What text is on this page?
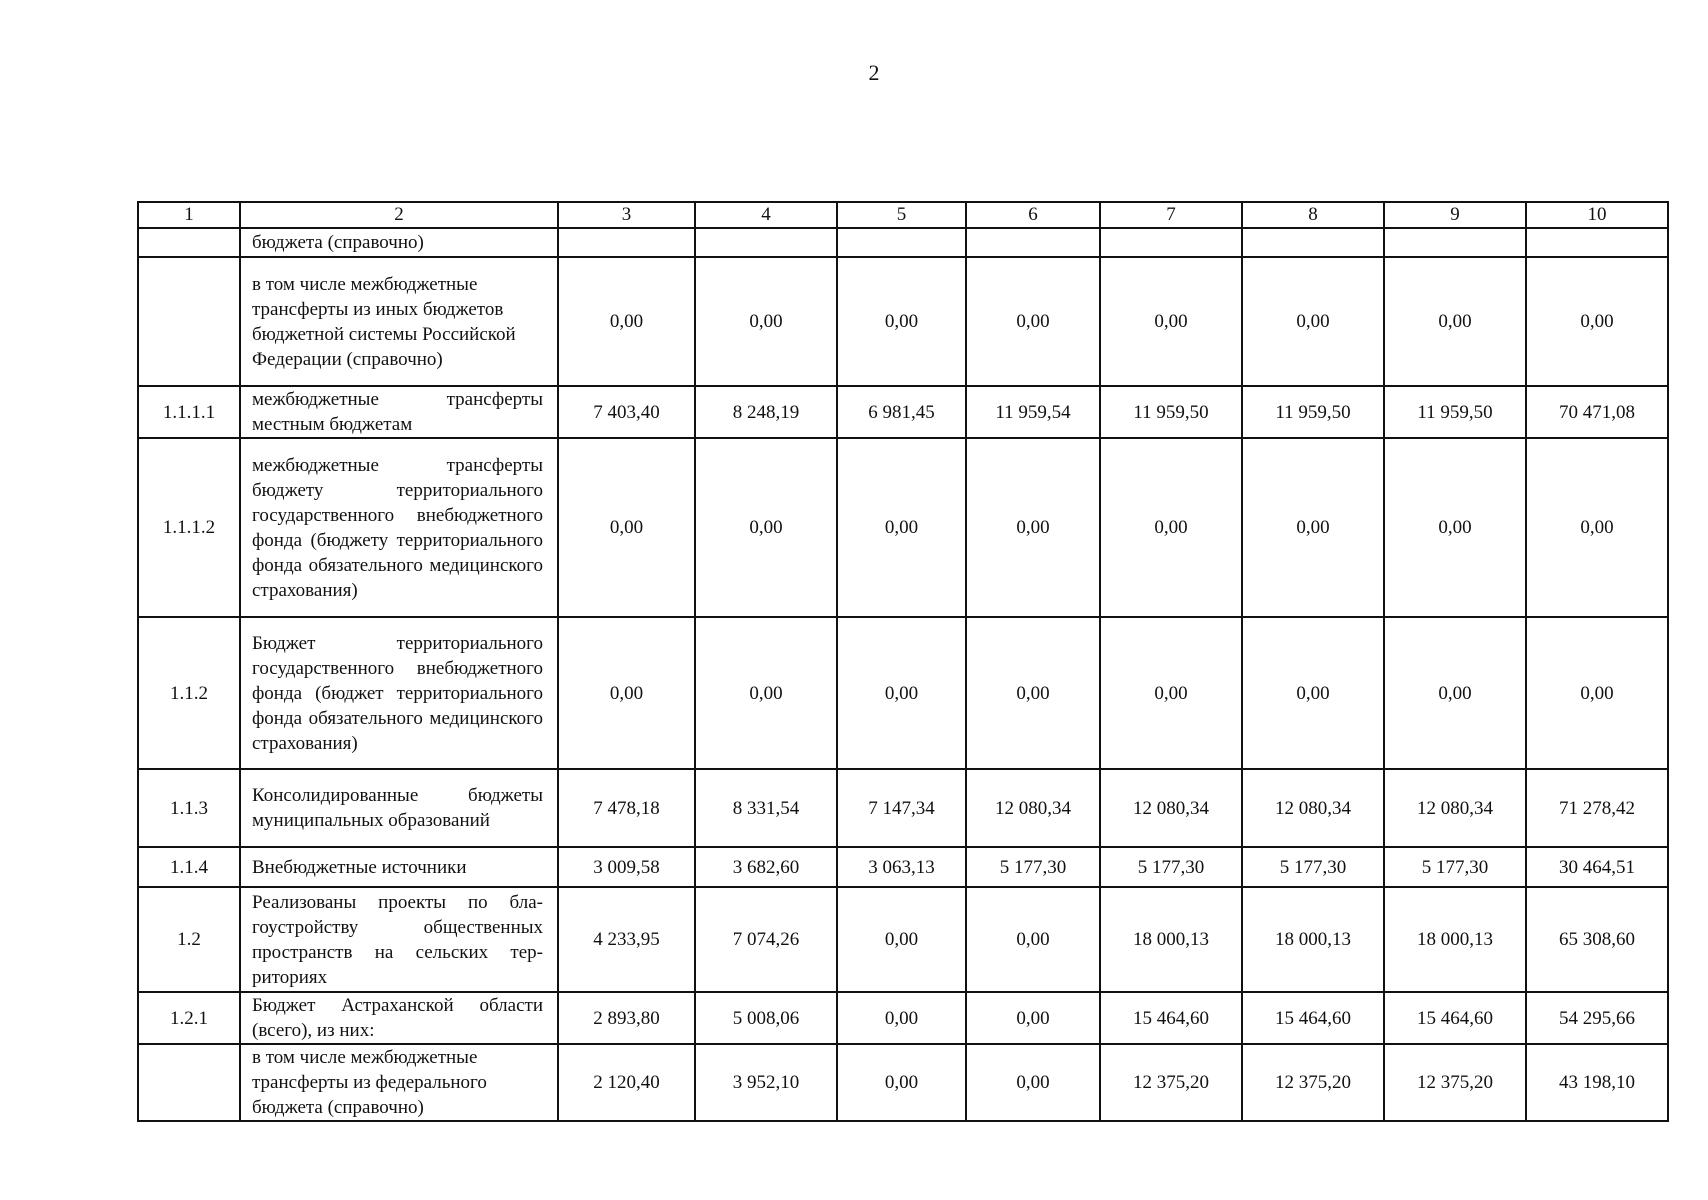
2
1	2	3	4	5	6	7	8	9	10
	бюджета (справочно)								
	в том числе межбюджетные трансферты из иных бюджетов бюджетной системы Российской Федерации (справочно)	0,00	0,00	0,00	0,00	0,00	0,00	0,00	0,00
1.1.1.1	межбюджетные трансферты местным бюджетам	7 403,40	8 248,19	6 981,45	11 959,54	11 959,50	11 959,50	11 959,50	70 471,08
1.1.1.2	межбюджетные трансферты бюджету территориального государственного внебюджетного фонда (бюджету территориального фонда обязательного медицинского страхования)	0,00	0,00	0,00	0,00	0,00	0,00	0,00	0,00
1.1.2	Бюджет территориального государственного внебюджетного фонда (бюджет территориального фонда обязательного медицинского страхования)	0,00	0,00	0,00	0,00	0,00	0,00	0,00	0,00
1.1.3	Консолидированные бюджеты муниципальных образований	7 478,18	8 331,54	7 147,34	12 080,34	12 080,34	12 080,34	12 080,34	71 278,42
1.1.4	Внебюджетные источники	3 009,58	3 682,60	3 063,13	5 177,30	5 177,30	5 177,30	5 177,30	30 464,51
1.2	Реализованы проекты по благоустройству общественных пространств на сельских территориях	4 233,95	7 074,26	0,00	0,00	18 000,13	18 000,13	18 000,13	65 308,60
1.2.1	Бюджет Астраханской области (всего), из них:	2 893,80	5 008,06	0,00	0,00	15 464,60	15 464,60	15 464,60	54 295,66
	в том числе межбюджетные трансферты из федерального бюджета (справочно)	2 120,40	3 952,10	0,00	0,00	12 375,20	12 375,20	12 375,20	43 198,10
